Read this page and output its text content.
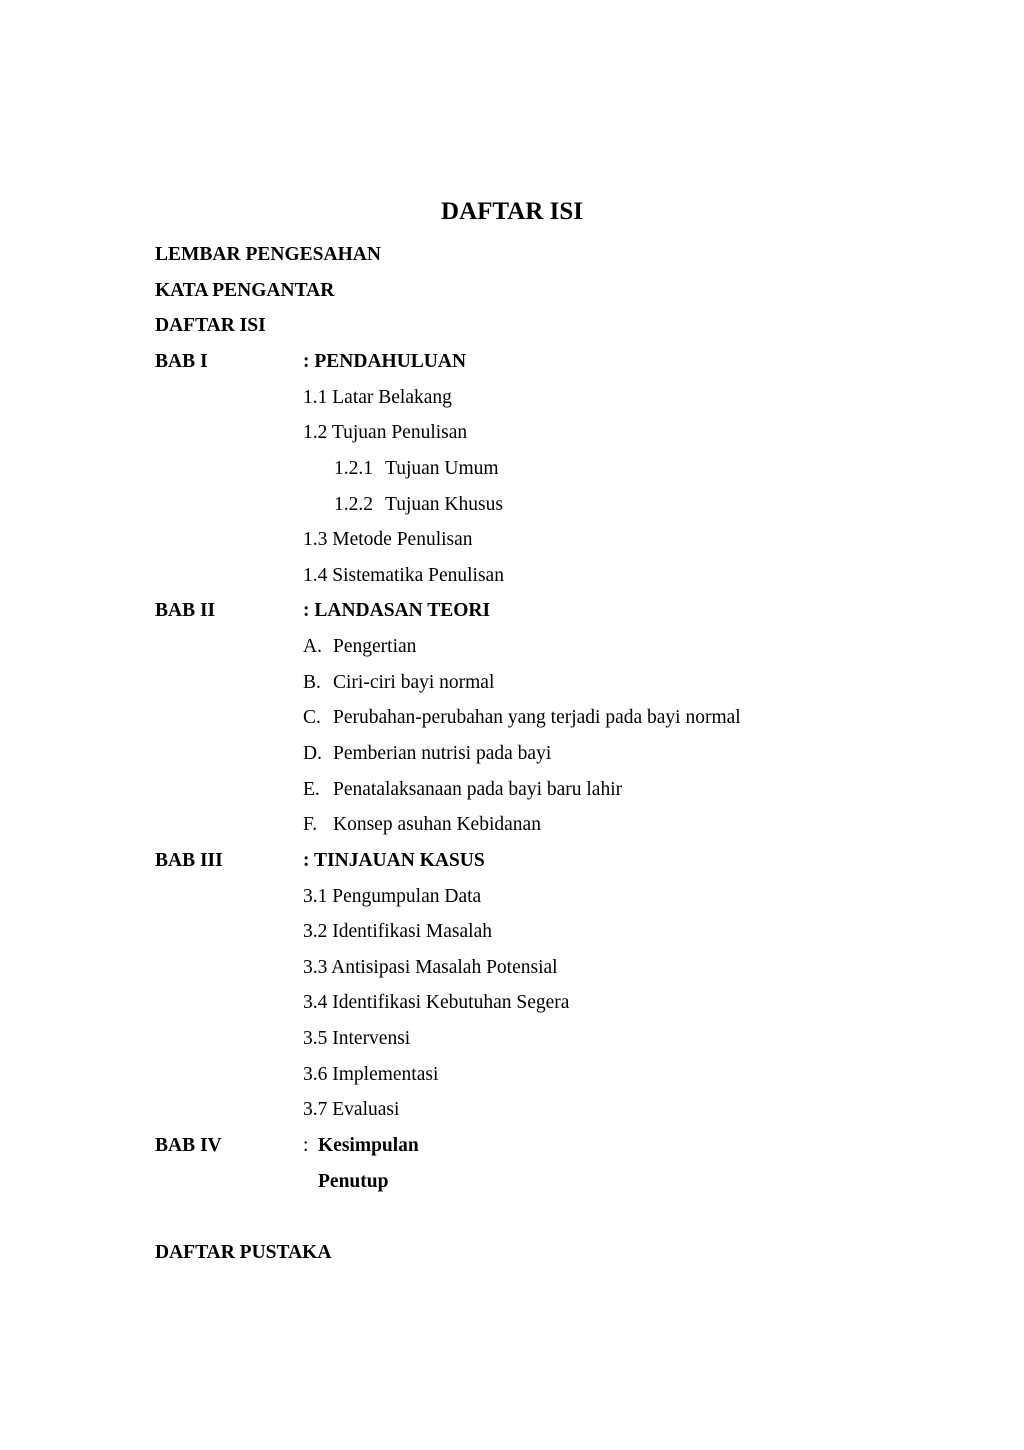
DAFTAR ISI
LEMBAR PENGESAHAN
KATA PENGANTAR
DAFTAR ISI
BAB I	: PENDAHULUAN
1.1 Latar Belakang
1.2 Tujuan Penulisan
1.2.1 Tujuan Umum
1.2.2 Tujuan Khusus
1.3 Metode Penulisan
1.4 Sistematika Penulisan
BAB II	: LANDASAN TEORI
A. Pengertian
B. Ciri-ciri bayi normal
C. Perubahan-perubahan yang terjadi pada bayi normal
D. Pemberian nutrisi pada bayi
E. Penatalaksanaan pada bayi baru lahir
F. Konsep asuhan Kebidanan
BAB III	: TINJAUAN KASUS
3.1 Pengumpulan Data
3.2 Identifikasi Masalah
3.3 Antisipasi Masalah Potensial
3.4 Identifikasi Kebutuhan Segera
3.5 Intervensi
3.6 Implementasi
3.7 Evaluasi
BAB IV	: Kesimpulan
Penutup
DAFTAR PUSTAKA
